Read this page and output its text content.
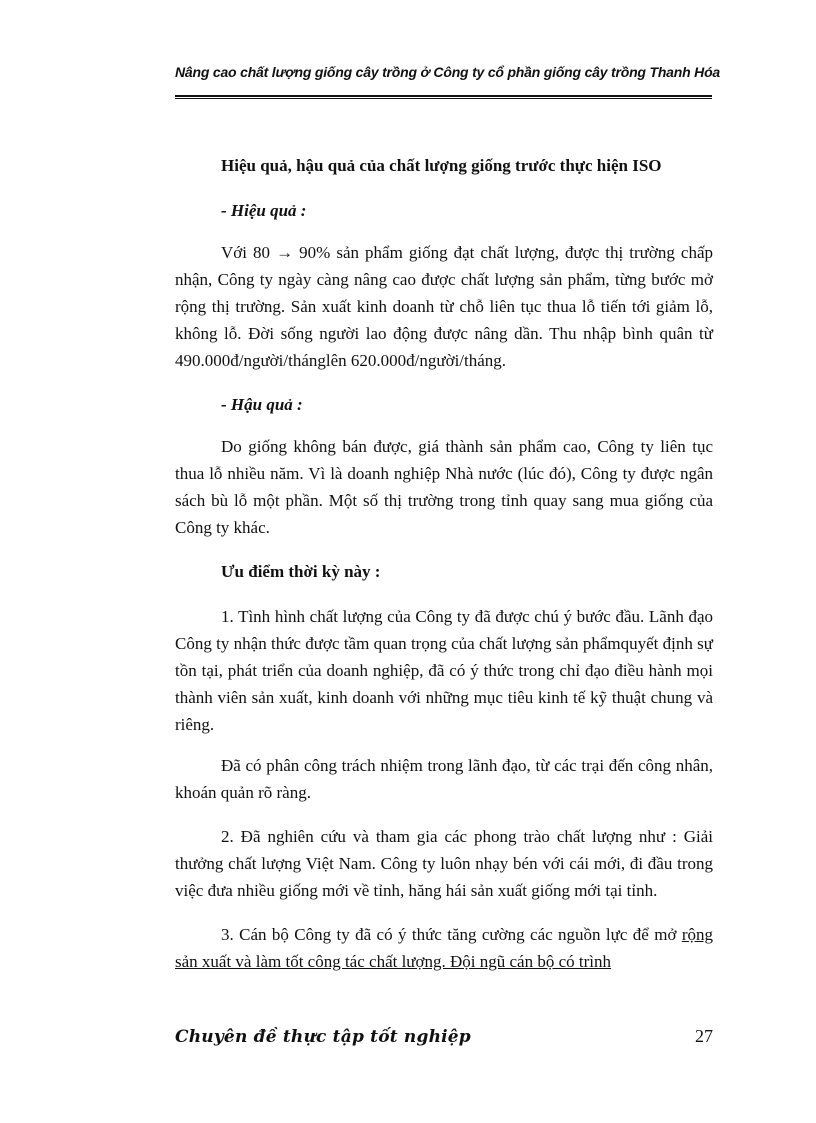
Nâng cao chất lượng giống cây trồng ở Công ty cổ phần giống cây trồng Thanh Hóa

Hiệu quả, hậu quả của chất lượng giống trước thực hiện ISO

- Hiệu quả :

Với 80 → 90% sản phẩm giống đạt chất lượng, được thị trường chấp nhận, Công ty ngày càng nâng cao được chất lượng sản phẩm, từng bước mở rộng thị trường. Sản xuất kinh doanh từ chỗ liên tục thua lỗ tiến tới giảm lỗ, không lỗ. Đời sống người lao động được nâng dần. Thu nhập bình quân từ 490.000đ/người/thánglên 620.000đ/người/tháng.

- Hậu quả :

Do giống không bán được, giá thành sản phẩm cao, Công ty liên tục thua lỗ nhiều năm. Vì là doanh nghiệp Nhà nước (lúc đó), Công ty được ngân sách bù lỗ một phần. Một số thị trường trong tỉnh quay sang mua giống của Công ty khác.

Ưu điểm thời kỳ này :

1. Tình hình chất lượng của Công ty đã được chú ý bước đầu. Lãnh đạo Công ty nhận thức được tầm quan trọng của chất lượng sản phẩmquyết định sự tồn tại, phát triển của doanh nghiệp, đã có ý thức trong chỉ đạo điều hành mọi thành viên sản xuất, kinh doanh với những mục tiêu kinh tế kỹ thuật chung và riêng.

Đã có phân công trách nhiệm trong lãnh đạo, từ các trại đến công nhân, khoán quản rõ ràng.

2. Đã nghiên cứu và tham gia các phong trào chất lượng như : Giải thưởng chất lượng Việt Nam. Công ty luôn nhạy bén với cái mới, đi đầu trong việc đưa nhiều giống mới về tỉnh, hăng hái sản xuất giống mới tại tỉnh.

3. Cán bộ Công ty đã có ý thức tăng cường các nguồn lực để mở rộng sản xuất và làm tốt công tác chất lượng. Đội ngũ cán bộ có trình
Chuyên đề thực tập tốt nghiệp	27
